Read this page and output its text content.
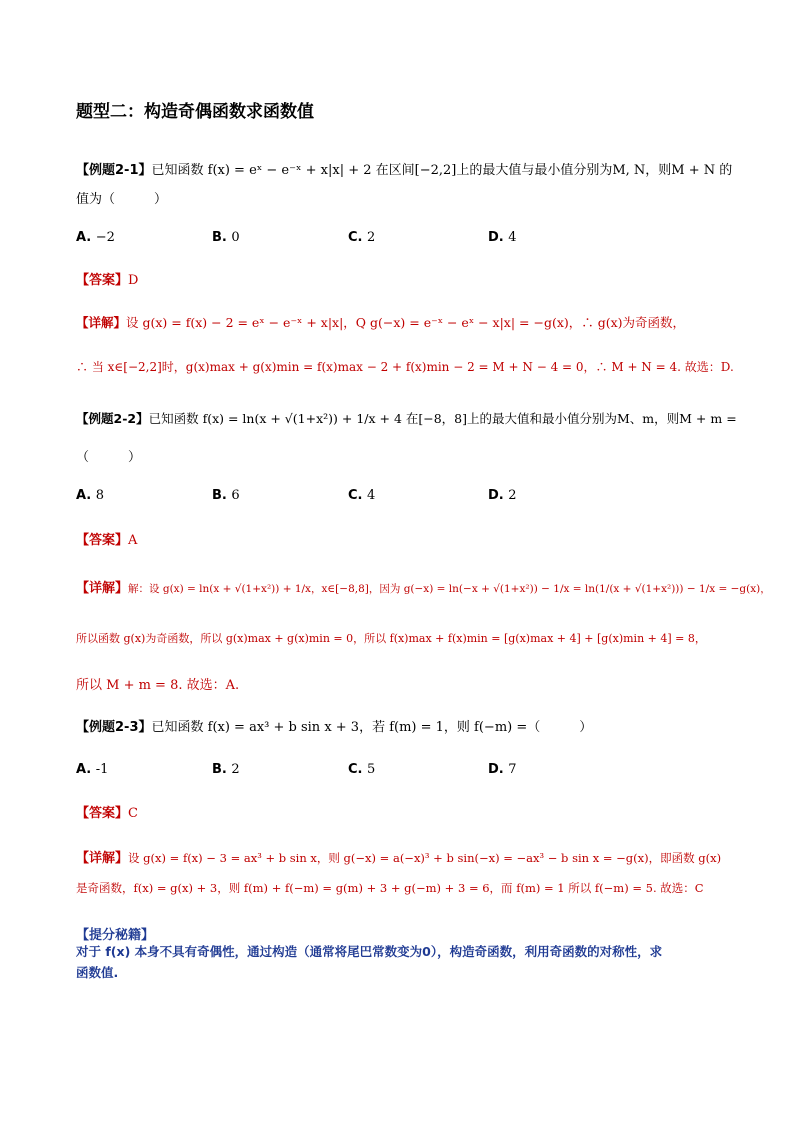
题型二：构造奇偶函数求函数值
【例题2-1】已知函数 f(x) = eˣ − e⁻ˣ + x|x| + 2 在区间[−2,2]上的最大值与最小值分别为M, N，则M + N 的
值为（　　　）
A. −2	B. 0	C. 2	D. 4
【答案】D
【详解】设 g(x) = f(x) − 2 = eˣ − e⁻ˣ + x|x|，Q g(−x) = e⁻ˣ − eˣ − x|x| = −g(x)，∴ g(x)为奇函数，
∴ 当 x∈[−2,2]时，g(x)max + g(x)min = f(x)max − 2 + f(x)min − 2 = M + N − 4 = 0，∴ M + N = 4. 故选：D.
【例题2-2】已知函数 f(x) = ln(x + √(1+x²)) + 1/x + 4 在[−8，8]上的最大值和最小值分别为M、m，则M + m =
（　　　）
A. 8	B. 6	C. 4	D. 2
【答案】A
【详解】解：设 g(x) = ln(x + √(1+x²)) + 1/x，x∈[−8,8]，因为 g(−x) = ln(−x + √(1+x²)) − 1/x = ln(1/(x + √(1+x²))) − 1/x = −g(x)，
所以函数 g(x)为奇函数，所以 g(x)max + g(x)min = 0，所以 f(x)max + f(x)min = [g(x)max + 4] + [g(x)min + 4] = 8，
所以 M + m = 8. 故选：A.
【例题2-3】已知函数 f(x) = ax³ + b sin x + 3，若 f(m) = 1，则 f(−m) =（　　　）
A. -1	B. 2	C. 5	D. 7
【答案】C
【详解】设 g(x) = f(x) − 3 = ax³ + b sin x，则 g(−x) = a(−x)³ + b sin(−x) = −ax³ − b sin x = −g(x)，即函数 g(x)
是奇函数，f(x) = g(x) + 3，则 f(m) + f(−m) = g(m) + 3 + g(−m) + 3 = 6，而 f(m) = 1 所以 f(−m) = 5. 故选：C
【提分秘籍】
对于 f(x) 本身不具有奇偶性，通过构造（通常将尾巴常数变为0），构造奇函数，利用奇函数的对称性，求
函数值.
